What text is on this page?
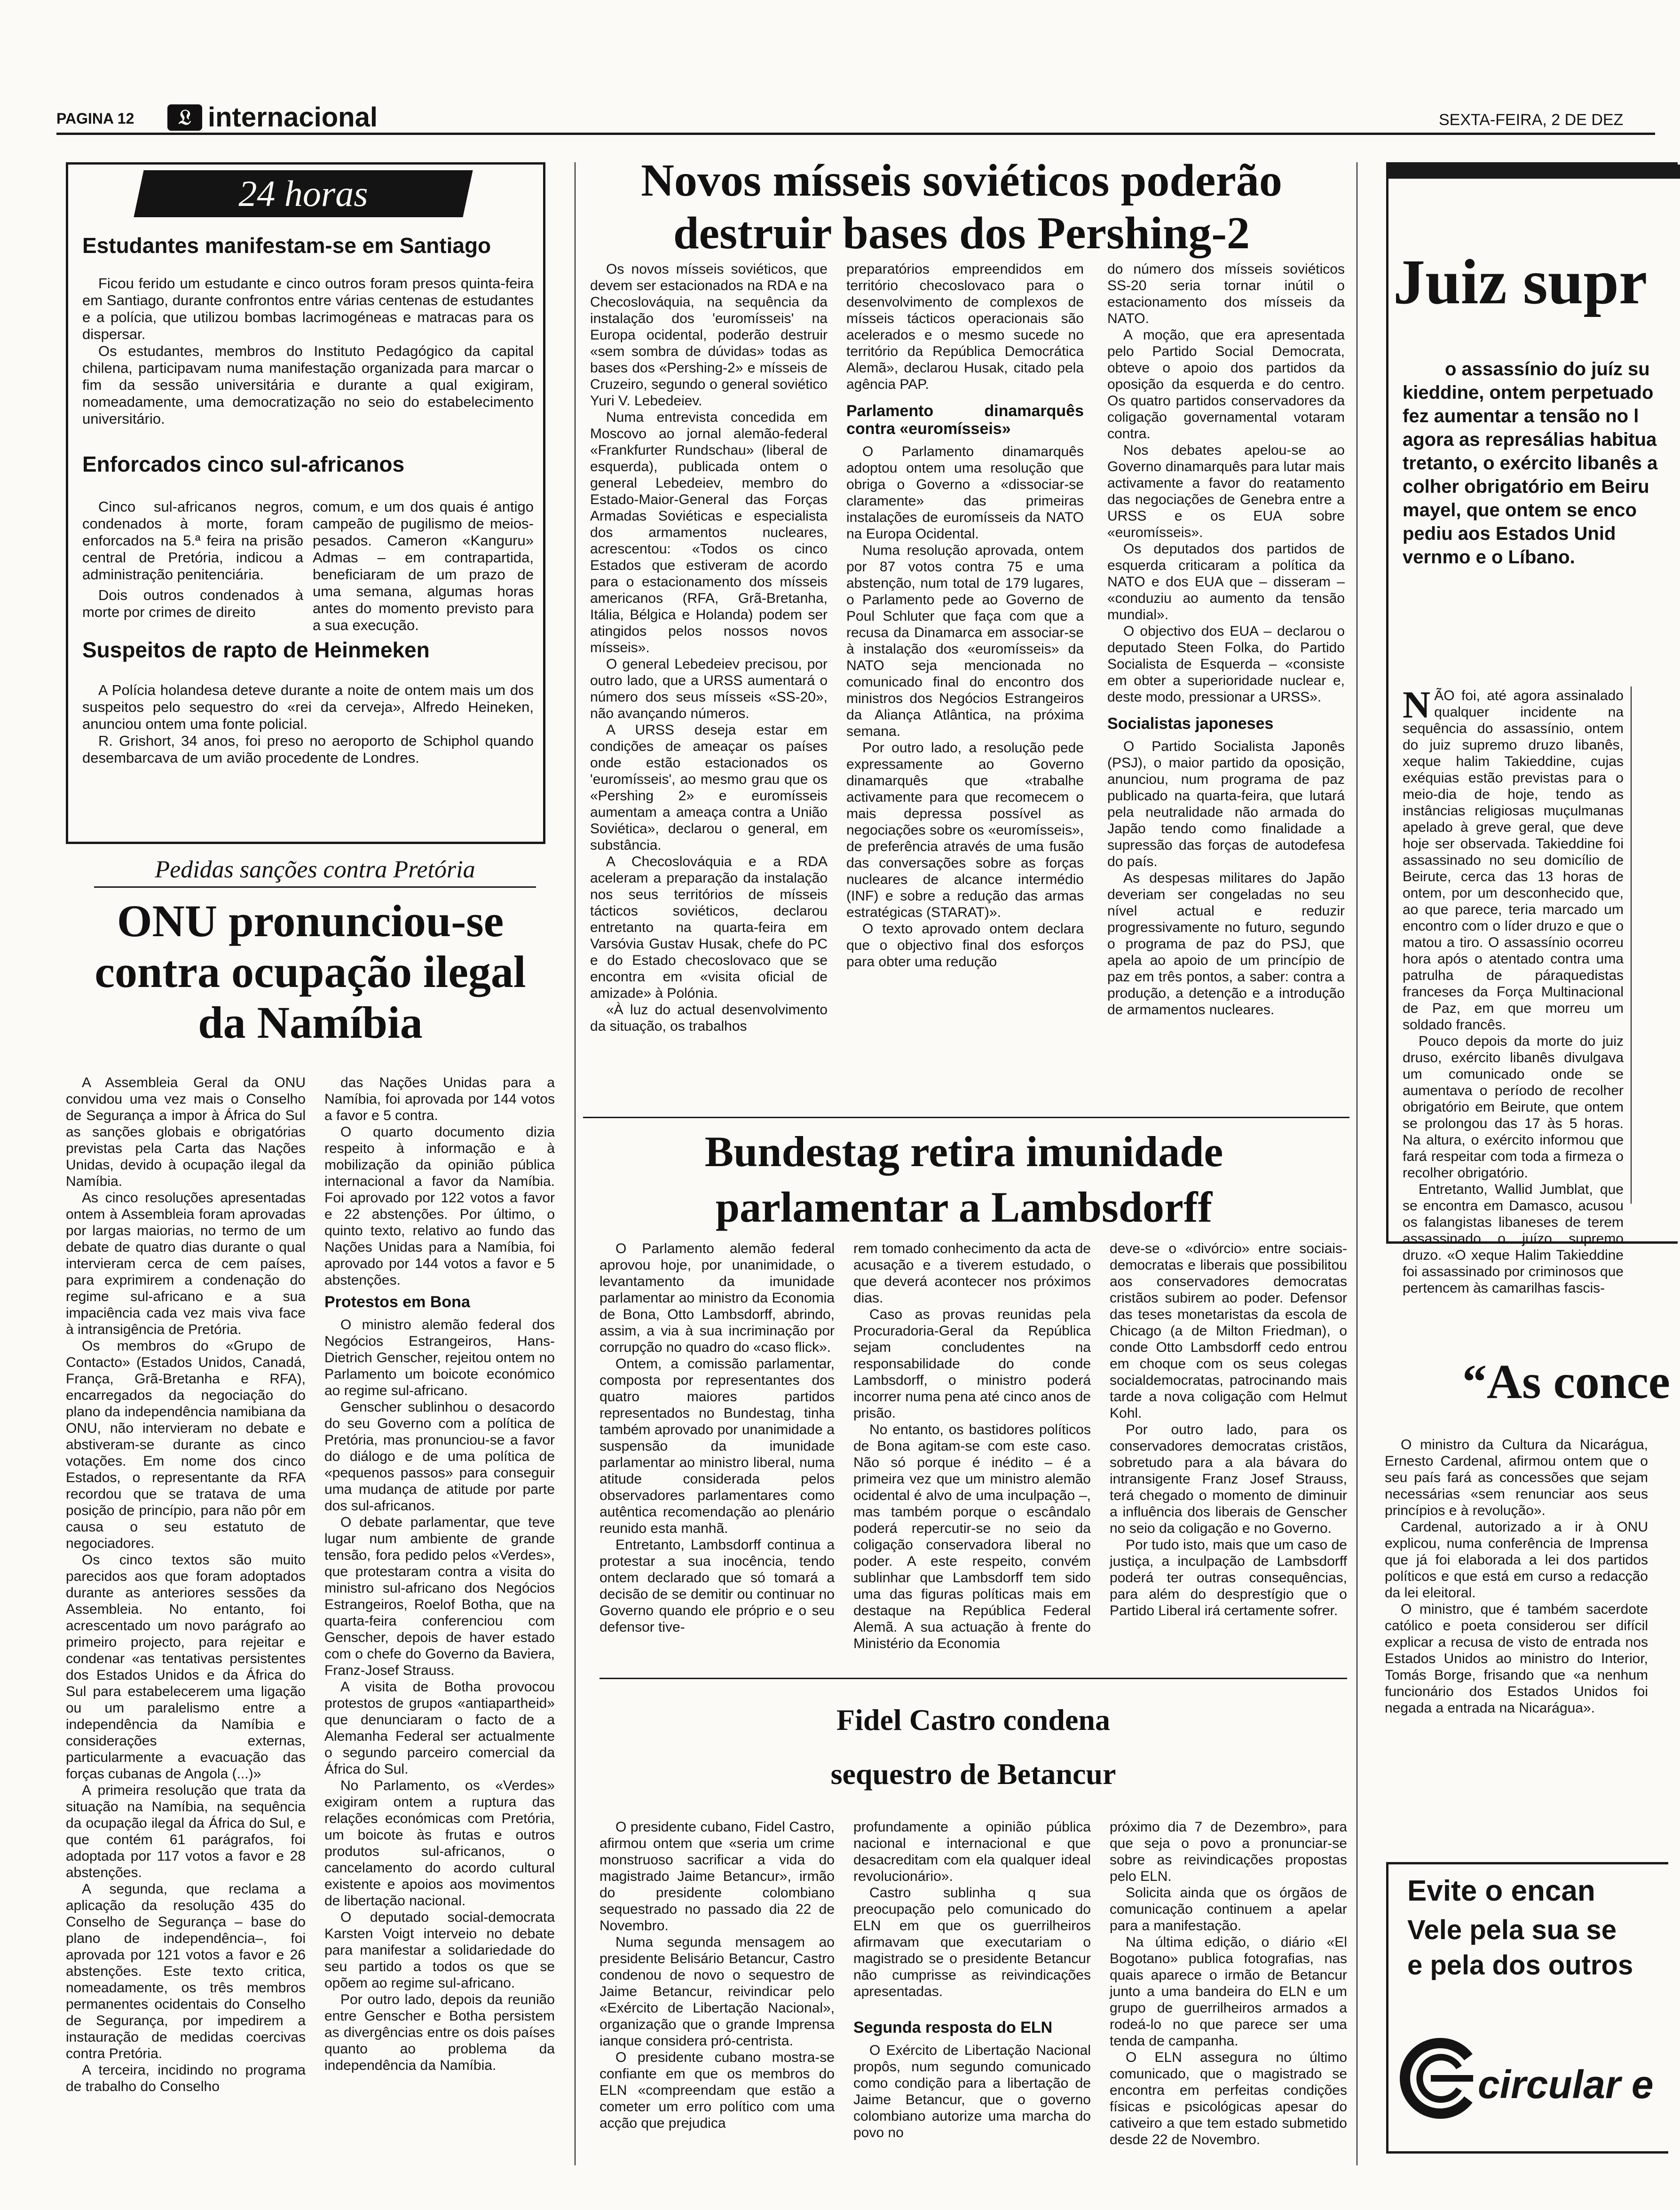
PAGINA 12	𝔏 internacional	SEXTA-FEIRA, 2 DE DEZ
24 horas
Estudantes manifestam-se em Santiago

Ficou ferido um estudante e cinco outros foram presos quinta-feira em Santiago, durante confrontos entre várias centenas de estudantes e a polícia, que utilizou bombas lacrimogéneas e matracas para os dispersar.

Os estudantes, membros do Instituto Pedagógico da capital chilena, participavam numa manifestação organizada para marcar o fim da sessão universitária e durante a qual exigiram, nomeadamente, uma democratização no seio do estabelecimento universitário.

Enforcados cinco sul-africanos

Cinco sul-africanos negros, condenados à morte, foram enforcados na 5.ª feira na prisão central de Pretória, indicou a administração penitenciária.

Dois outros condenados à morte por crimes de direito

comum, e um dos quais é antigo campeão de pugilismo de meios-pesados. Cameron «Kanguru» Admas – em contrapartida, beneficiaram de um prazo de uma semana, algumas horas antes do momento previsto para a sua execução.

Suspeitos de rapto de Heinmeken

A Polícia holandesa deteve durante a noite de ontem mais um dos suspeitos pelo sequestro do «rei da cerveja», Alfredo Heineken, anunciou ontem uma fonte policial.

R. Grishort, 34 anos, foi preso no aeroporto de Schiphol quando desembarcava de um avião procedente de Londres.

Pedidas sanções contra Pretória
ONU pronunciou-se contra ocupação ilegal da Namíbia

A Assembleia Geral da ONU convidou uma vez mais o Conselho de Segurança a impor à África do Sul as sanções globais e obrigatórias previstas pela Carta das Nações Unidas, devido à ocupação ilegal da Namíbia.

As cinco resoluções apresentadas ontem à Assembleia foram aprovadas por largas maiorias, no termo de um debate de quatro dias durante o qual intervieram cerca de cem países, para exprimirem a condenação do regime sul-africano e a sua impaciência cada vez mais viva face à intransigência de Pretória.

Os membros do «Grupo de Contacto» (Estados Unidos, Canadá, França, Grã-Bretanha e RFA), encarregados da negociação do plano da independência namibiana da ONU, não intervieram no debate e abstiveram-se durante as cinco votações. Em nome dos cinco Estados, o representante da RFA recordou que se tratava de uma posição de princípio, para não pôr em causa o seu estatuto de negociadores.

Os cinco textos são muito parecidos aos que foram adoptados durante as anteriores sessões da Assembleia. No entanto, foi acrescentado um novo parágrafo ao primeiro projecto, para rejeitar e condenar «as tentativas persistentes dos Estados Unidos e da África do Sul para estabelecerem uma ligação ou um paralelismo entre a independência da Namíbia e considerações externas, particularmente a evacuação das forças cubanas de Angola (...)»

A primeira resolução que trata da situação na Namíbia, na sequência da ocupação ilegal da África do Sul, e que contém 61 parágrafos, foi adoptada por 117 votos a favor e 28 abstenções.

A segunda, que reclama a aplicação da resolução 435 do Conselho de Segurança – base do plano de independência–, foi aprovada por 121 votos a favor e 26 abstenções. Este texto critica, nomeadamente, os três membros permanentes ocidentais do Conselho de Segurança, por impedirem a instauração de medidas coercivas contra Pretória.

A terceira, incidindo no programa de trabalho do Conselho

das Nações Unidas para a Namíbia, foi aprovada por 144 votos a favor e 5 contra.

O quarto documento dizia respeito à informação e à mobilização da opinião pública internacional a favor da Namíbia. Foi aprovado por 122 votos a favor e 22 abstenções. Por último, o quinto texto, relativo ao fundo das Nações Unidas para a Namíbia, foi aprovado por 144 votos a favor e 5 abstenções.

Protestos em Bona

O ministro alemão federal dos Negócios Estrangeiros, Hans-Dietrich Genscher, rejeitou ontem no Parlamento um boicote económico ao regime sul-africano.

Genscher sublinhou o desacordo do seu Governo com a política de Pretória, mas pronunciou-se a favor do diálogo e de uma política de «pequenos passos» para conseguir uma mudança de atitude por parte dos sul-africanos.

O debate parlamentar, que teve lugar num ambiente de grande tensão, fora pedido pelos «Verdes», que protestaram contra a visita do ministro sul-africano dos Negócios Estrangeiros, Roelof Botha, que na quarta-feira conferenciou com Genscher, depois de haver estado com o chefe do Governo da Baviera, Franz-Josef Strauss.

A visita de Botha provocou protestos de grupos «antiapartheid» que denunciaram o facto de a Alemanha Federal ser actualmente o segundo parceiro comercial da África do Sul.

No Parlamento, os «Verdes» exigiram ontem a ruptura das relações económicas com Pretória, um boicote às frutas e outros produtos sul-africanos, o cancelamento do acordo cultural existente e apoios aos movimentos de libertação nacional.

O deputado social-democrata Karsten Voigt interveio no debate para manifestar a solidariedade do seu partido a todos os que se opõem ao regime sul-africano.

Por outro lado, depois da reunião entre Genscher e Botha persistem as divergências entre os dois países quanto ao problema da independência da Namíbia.

Novos mísseis soviéticos poderão destruir bases dos Pershing-2

Os novos mísseis soviéticos, que devem ser estacionados na RDA e na Checoslováquia, na sequência da instalação dos 'euromísseis' na Europa ocidental, poderão destruir «sem sombra de dúvidas» todas as bases dos «Pershing-2» e mísseis de Cruzeiro, segundo o general soviético Yuri V. Lebedeiev.

Numa entrevista concedida em Moscovo ao jornal alemão-federal «Frankfurter Rundschau» (liberal de esquerda), publicada ontem o general Lebedeiev, membro do Estado-Maior-General das Forças Armadas Soviéticas e especialista dos armamentos nucleares, acrescentou: «Todos os cinco Estados que estiveram de acordo para o estacionamento dos mísseis americanos (RFA, Grã-Bretanha, Itália, Bélgica e Holanda) podem ser atingidos pelos nossos novos mísseis».

O general Lebedeiev precisou, por outro lado, que a URSS aumentará o número dos seus mísseis «SS-20», não avançando números.

A URSS deseja estar em condições de ameaçar os países onde estão estacionados os 'euromísseis', ao mesmo grau que os «Pershing 2» e euromísseis aumentam a ameaça contra a União Soviética», declarou o general, em substância.

A Checoslováquia e a RDA aceleram a preparação da instalação nos seus territórios de mísseis tácticos soviéticos, declarou entretanto na quarta-feira em Varsóvia Gustav Husak, chefe do PC e do Estado checoslovaco que se encontra em «visita oficial de amizade» à Polónia.

«À luz do actual desenvolvimento da situação, os trabalhos

preparatórios empreendidos em território checoslovaco para o desenvolvimento de complexos de mísseis tácticos operacionais são acelerados e o mesmo sucede no território da República Democrática Alemã», declarou Husak, citado pela agência PAP.

Parlamento dinamarquês contra «euromísseis»

O Parlamento dinamarquês adoptou ontem uma resolução que obriga o Governo a «dissociar-se claramente» das primeiras instalações de euromísseis da NATO na Europa Ocidental.

Numa resolução aprovada, ontem por 87 votos contra 75 e uma abstenção, num total de 179 lugares, o Parlamento pede ao Governo de Poul Schluter que faça com que a recusa da Dinamarca em associar-se à instalação dos «euromísseis» da NATO seja mencionada no comunicado final do encontro dos ministros dos Negócios Estrangeiros da Aliança Atlântica, na próxima semana.

Por outro lado, a resolução pede expressamente ao Governo dinamarquês que «trabalhe activamente para que recomecem o mais depressa possível as negociações sobre os «euromísseis», de preferência através de uma fusão das conversações sobre as forças nucleares de alcance intermédio (INF) e sobre a redução das armas estratégicas (STARAT)».

O texto aprovado ontem declara que o objectivo final dos esforços para obter uma redução

do número dos mísseis soviéticos SS-20 seria tornar inútil o estacionamento dos mísseis da NATO.

A moção, que era apresentada pelo Partido Social Democrata, obteve o apoio dos partidos da oposição da esquerda e do centro. Os quatro partidos conservadores da coligação governamental votaram contra.

Nos debates apelou-se ao Governo dinamarquês para lutar mais activamente a favor do reatamento das negociações de Genebra entre a URSS e os EUA sobre «euromísseis».

Os deputados dos partidos de esquerda criticaram a política da NATO e dos EUA que – disseram – «conduziu ao aumento da tensão mundial».

O objectivo dos EUA – declarou o deputado Steen Folka, do Partido Socialista de Esquerda – «consiste em obter a superioridade nuclear e, deste modo, pressionar a URSS».

Socialistas japoneses

O Partido Socialista Japonês (PSJ), o maior partido da oposição, anunciou, num programa de paz publicado na quarta-feira, que lutará pela neutralidade não armada do Japão tendo como finalidade a supressão das forças de autodefesa do país.

As despesas militares do Japão deveriam ser congeladas no seu nível actual e reduzir progressivamente no futuro, segundo o programa de paz do PSJ, que apela ao apoio de um princípio de paz em três pontos, a saber: contra a produção, a detenção e a introdução de armamentos nucleares.

Bundestag retira imunidade parlamentar a Lambsdorff

O Parlamento alemão federal aprovou hoje, por unanimidade, o levantamento da imunidade parlamentar ao ministro da Economia de Bona, Otto Lambsdorff, abrindo, assim, a via à sua incriminação por corrupção no quadro do «caso flick».

Ontem, a comissão parlamentar, composta por representantes dos quatro maiores partidos representados no Bundestag, tinha também aprovado por unanimidade a suspensão da imunidade parlamentar ao ministro liberal, numa atitude considerada pelos observadores parlamentares como autêntica recomendação ao plenário reunido esta manhã.

Entretanto, Lambsdorff continua a protestar a sua inocência, tendo ontem declarado que só tomará a decisão de se demitir ou continuar no Governo quando ele próprio e o seu defensor tive-

rem tomado conhecimento da acta de acusação e a tiverem estudado, o que deverá acontecer nos próximos dias.

Caso as provas reunidas pela Procuradoria-Geral da República sejam concludentes na responsabilidade do conde Lambsdorff, o ministro poderá incorrer numa pena até cinco anos de prisão.

No entanto, os bastidores políticos de Bona agitam-se com este caso. Não só porque é inédito – é a primeira vez que um ministro alemão ocidental é alvo de uma inculpação –, mas também porque o escândalo poderá repercutir-se no seio da coligação conservadora liberal no poder. A este respeito, convém sublinhar que Lambsdorff tem sido uma das figuras políticas mais em destaque na República Federal Alemã. A sua actuação à frente do Ministério da Economia

deve-se o «divórcio» entre sociais-democratas e liberais que possibilitou aos conservadores democratas cristãos subirem ao poder. Defensor das teses monetaristas da escola de Chicago (a de Milton Friedman), o conde Otto Lambsdorff cedo entrou em choque com os seus colegas socialdemocratas, patrocinando mais tarde a nova coligação com Helmut Kohl.

Por outro lado, para os conservadores democratas cristãos, sobretudo para a ala bávara do intransigente Franz Josef Strauss, terá chegado o momento de diminuir a influência dos liberais de Genscher no seio da coligação e no Governo.

Por tudo isto, mais que um caso de justiça, a inculpação de Lambsdorff poderá ter outras consequências, para além do desprestígio que o Partido Liberal irá certamente sofrer.

Fidel Castro condena
sequestro de Betancur

O presidente cubano, Fidel Castro, afirmou ontem que «seria um crime monstruoso sacrificar a vida do magistrado Jaime Betancur», irmão do presidente colombiano sequestrado no passado dia 22 de Novembro.

Numa segunda mensagem ao presidente Belisário Betancur, Castro condenou de novo o sequestro de Jaime Betancur, reivindicar pelo «Exército de Libertação Nacional», organização que o grande Imprensa ianque considera pró-centrista.

O presidente cubano mostra-se confiante em que os membros do ELN «compreendam que estão a cometer um erro político com uma acção que prejudica

profundamente a opinião pública nacional e internacional e que desacreditam com ela qualquer ideal revolucionário».

Castro sublinha q sua preocupação pelo comunicado do ELN em que os guerrilheiros afirmavam que executariam o magistrado se o presidente Betancur não cumprisse as reivindicações apresentadas.

Segunda resposta do ELN

O Exército de Libertação Nacional propôs, num segundo comunicado como condição para a libertação de Jaime Betancur, que o governo colombiano autorize uma marcha do povo no

próximo dia 7 de Dezembro», para que seja o povo a pronunciar-se sobre as reivindicações propostas pelo ELN.

Solicita ainda que os órgãos de comunicação continuem a apelar para a manifestação.

Na última edição, o diário «El Bogotano» publica fotografias, nas quais aparece o irmão de Betancur junto a uma bandeira do ELN e um grupo de guerrilheiros armados a rodeá-lo no que parece ser uma tenda de campanha.

O ELN assegura no último comunicado, que o magistrado se encontra em perfeitas condições físicas e psicológicas apesar do cativeiro a que tem estado submetido desde 22 de Novembro.

Juiz supr
o assassínio do juíz su kieddine, ontem perpetuado fez aumentar a tensão no l agora as represálias habitua tretanto, o exército libanês a colher obrigatório em Beiru mayel, que ontem se enco pediu aos Estados Unid vernmo e o Líbano.

NÃO foi, até agora assinalado qualquer incidente na sequência do assassínio, ontem do juiz supremo druzo libanês, xeque halim Takieddine, cujas exéquias estão previstas para o meio-dia de hoje, tendo as instâncias religiosas muçulmanas apelado à greve geral, que deve hoje ser observada. Takieddine foi assassinado no seu domicílio de Beirute, cerca das 13 horas de ontem, por um desconhecido que, ao que parece, teria marcado um encontro com o líder druzo e que o matou a tiro. O assassínio ocorreu hora após o atentado contra uma patrulha de páraquedistas franceses da Força Multinacional de Paz, em que morreu um soldado francês.

Pouco depois da morte do juiz druso, exército libanês divulgava um comunicado onde se aumentava o período de recolher obrigatório em Beirute, que ontem se prolongou das 17 às 5 horas. Na altura, o exército informou que fará respeitar com toda a firmeza o recolher obrigatório.

Entretanto, Wallid Jumblat, que se encontra em Damasco, acusou os falangistas libaneses de terem assassinado o juízo supremo druzo. «O xeque Halim Takieddine foi assassinado por criminosos que pertencem às camarilhas fascis-

“As conce

O ministro da Cultura da Nicarágua, Ernesto Cardenal, afirmou ontem que o seu país fará as concessões que sejam necessárias «sem renunciar aos seus princípios e à revolução».

Cardenal, autorizado a ir à ONU explicou, numa conferência de Imprensa que já foi elaborada a lei dos partidos políticos e que está em curso a redacção da lei eleitoral.

O ministro, que é também sacerdote católico e poeta considerou ser difícil explicar a recusa de visto de entrada nos Estados Unidos ao ministro do Interior, Tomás Borge, frisando que «a nenhum funcionário dos Estados Unidos foi negada a entrada na Nicarágua».

Evite o encan
Vele pela sua se
e pela dos outros
circular e
